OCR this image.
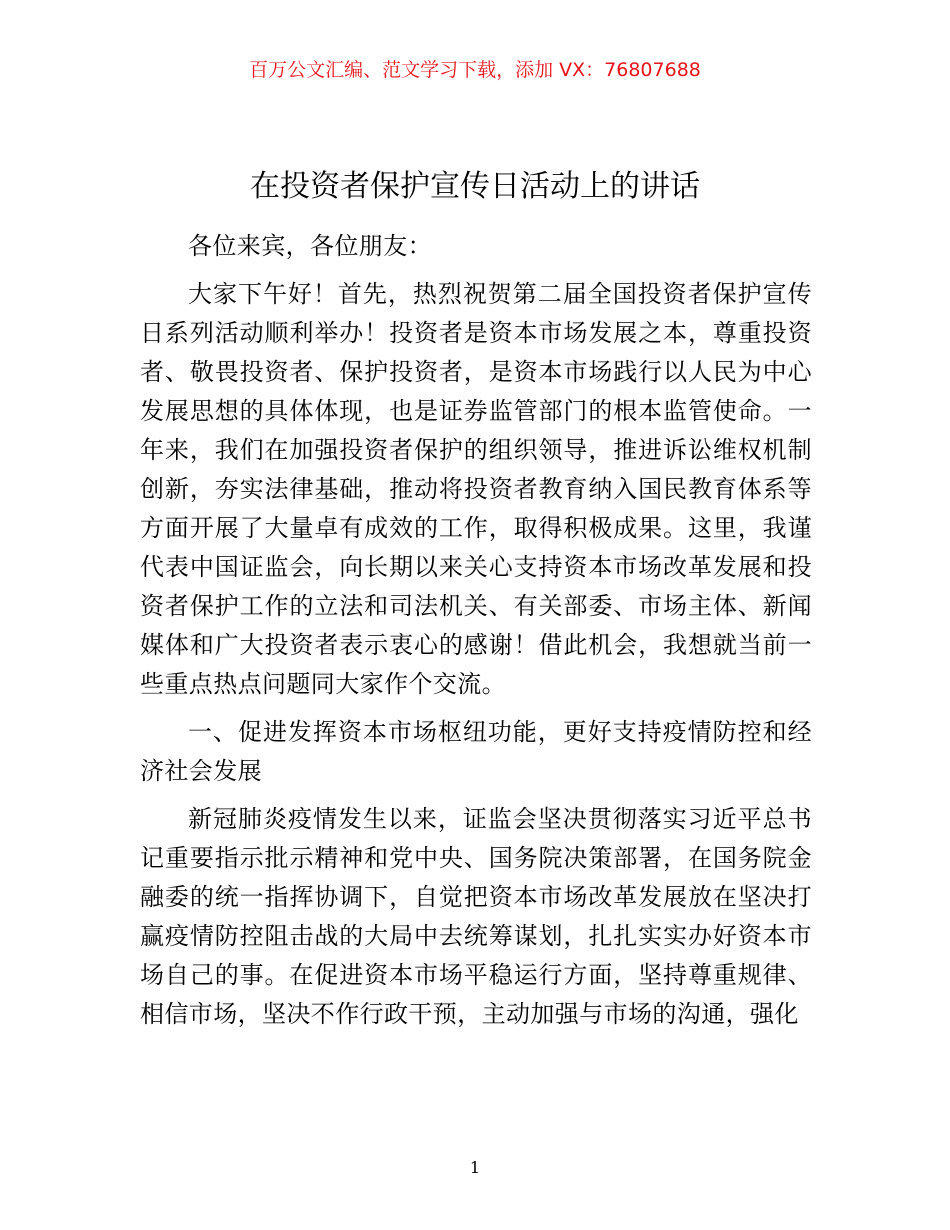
百万公文汇编、范文学习下载，添加 VX：76807688
在投资者保护宣传日活动上的讲话

各位来宾，各位朋友：

大家下午好！首先，热烈祝贺第二届全国投资者保护宣传日系列活动顺利举办！投资者是资本市场发展之本，尊重投资者、敬畏投资者、保护投资者，是资本市场践行以人民为中心发展思想的具体体现，也是证券监管部门的根本监管使命。一年来，我们在加强投资者保护的组织领导，推进诉讼维权机制创新，夯实法律基础，推动将投资者教育纳入国民教育体系等方面开展了大量卓有成效的工作，取得积极成果。这里，我谨代表中国证监会，向长期以来关心支持资本市场改革发展和投资者保护工作的立法和司法机关、有关部委、市场主体、新闻媒体和广大投资者表示衷心的感谢！借此机会，我想就当前一些重点热点问题同大家作个交流。

一、促进发挥资本市场枢纽功能，更好支持疫情防控和经济社会发展

新冠肺炎疫情发生以来，证监会坚决贯彻落实习近平总书记重要指示批示精神和党中央、国务院决策部署，在国务院金融委的统一指挥协调下，自觉把资本市场改革发展放在坚决打赢疫情防控阻击战的大局中去统筹谋划，扎扎实实办好资本市场自己的事。在促进资本市场平稳运行方面，坚持尊重规律、相信市场，坚决不作行政干预，主动加强与市场的沟通，强化

1
